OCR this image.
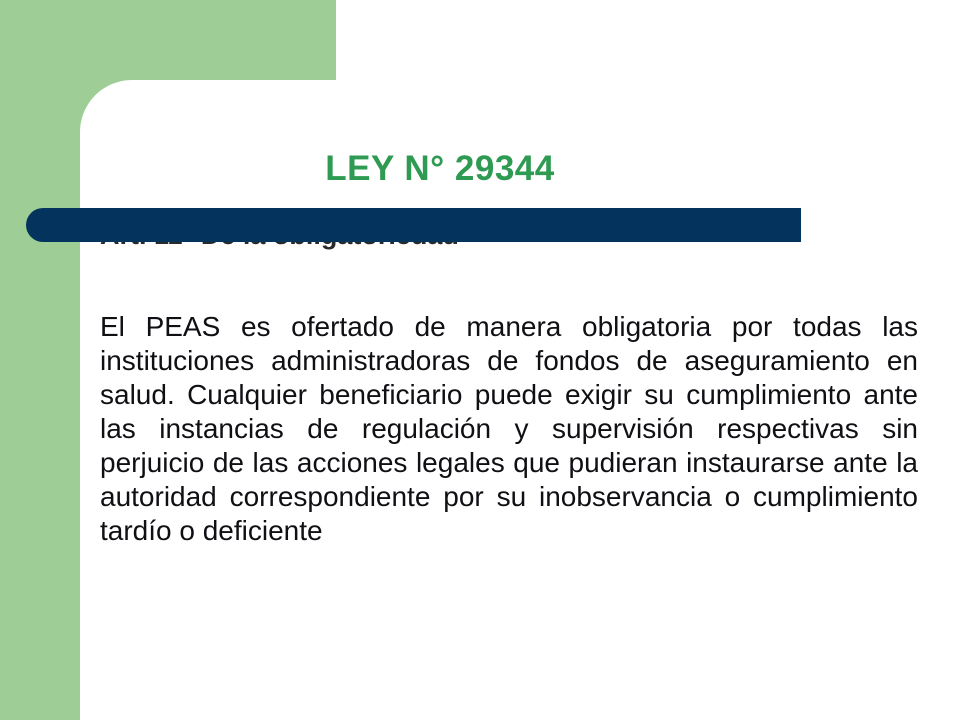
LEY N° 29344

El PEAS es ofertado de manera obligatoria por todas las instituciones administradoras de fondos de aseguramiento en salud. Cualquier beneficiario puede exigir su cumplimiento ante las instancias de regulación y supervisión respectivas sin perjuicio de las acciones legales que pudieran instaurarse ante la autoridad correspondiente por su inobservancia o cumplimiento tardío o deficiente
